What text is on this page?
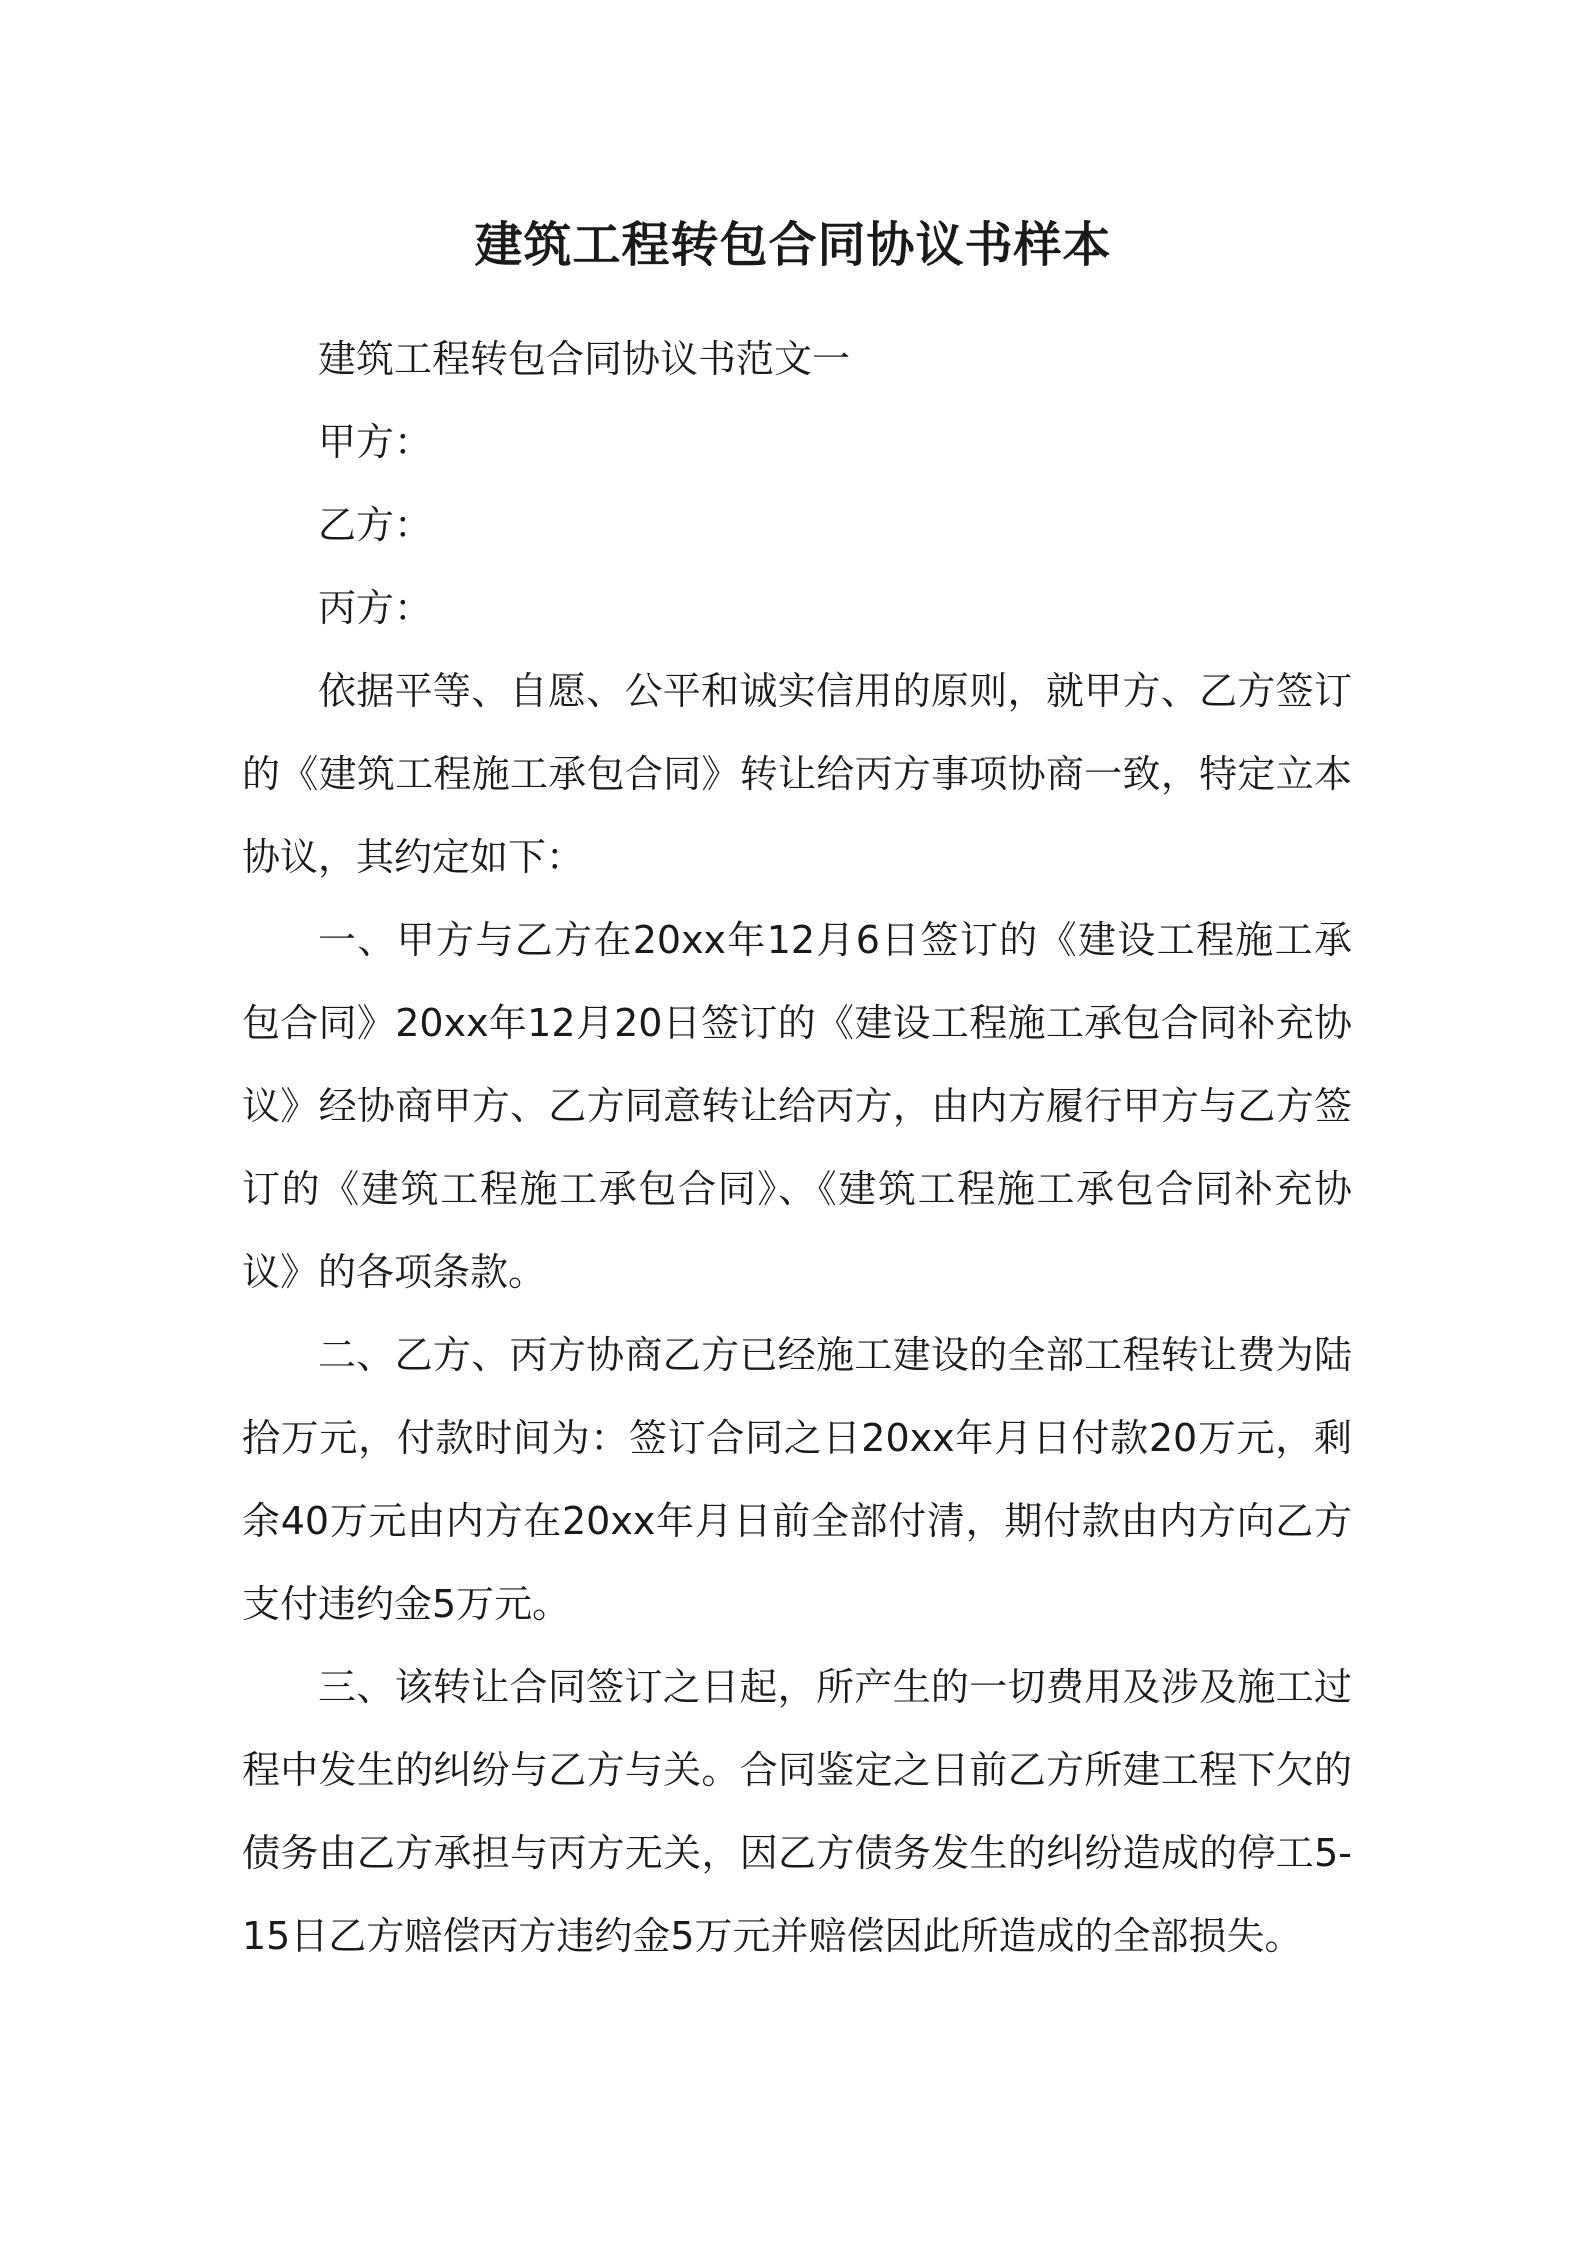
建筑工程转包合同协议书样本

建筑工程转包合同协议书范文一

甲方：

乙方：

丙方：

依据平等、自愿、公平和诚实信用的原则，就甲方、乙方签订的《建筑工程施工承包合同》转让给丙方事项协商一致，特定立本协议，其约定如下：

一、甲方与乙方在20xx年12月6日签订的《建设工程施工承包合同》20xx年12月20日签订的《建设工程施工承包合同补充协议》经协商甲方、乙方同意转让给丙方，由内方履行甲方与乙方签订的《建筑工程施工承包合同》、《建筑工程施工承包合同补充协议》的各项条款。

二、乙方、丙方协商乙方已经施工建设的全部工程转让费为陆拾万元，付款时间为：签订合同之日20xx年月日付款20万元，剩余40万元由内方在20xx年月日前全部付清，期付款由内方向乙方支付违约金5万元。

三、该转让合同签订之日起，所产生的一切费用及涉及施工过程中发生的纠纷与乙方与关。合同鉴定之日前乙方所建工程下欠的债务由乙方承担与丙方无关，因乙方债务发生的纠纷造成的停工5-15日乙方赔偿丙方违约金5万元并赔偿因此所造成的全部损失。
